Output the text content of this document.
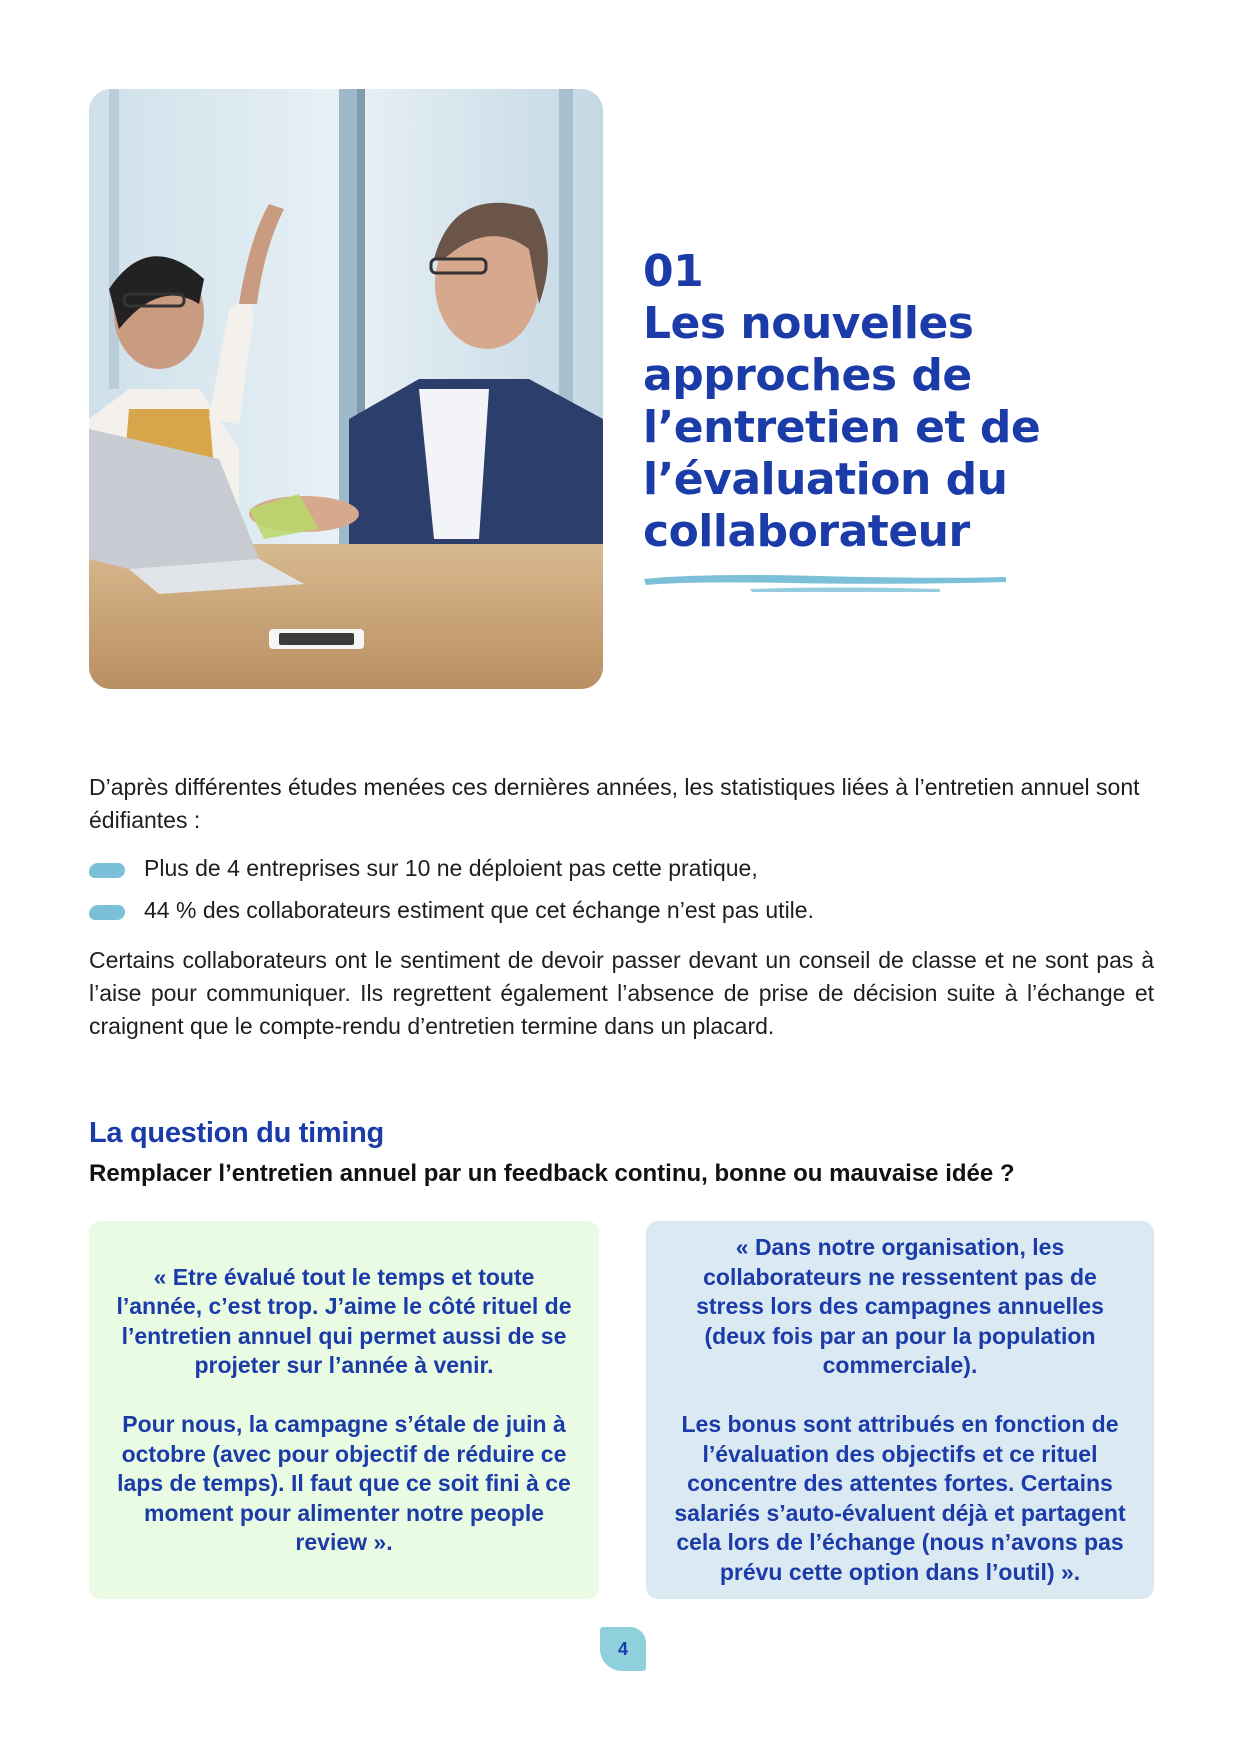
01
Les nouvelles
approches de
l’entretien et de
l’évaluation du
collaborateur

D’après différentes études menées ces dernières années, les statistiques liées à l’entretien annuel sont édifiantes :

Plus de 4 entreprises sur 10 ne déploient pas cette pratique,
44 % des collaborateurs estiment que cet échange n’est pas utile.

Certains collaborateurs ont le sentiment de devoir passer devant un conseil de classe et ne sont pas à l’aise pour communiquer. Ils regrettent également l’absence de prise de décision suite à l’échange et craignent que le compte-rendu d’entretien termine dans un placard.

La question du timing

Remplacer l’entretien annuel par un feedback continu, bonne ou mauvaise idée ?

« Etre évalué tout le temps et toute l’année, c’est trop. J’aime le côté rituel de l’entretien annuel qui permet aussi de se projeter sur l’année à venir.

Pour nous, la campagne s’étale de juin à octobre (avec pour objectif de réduire ce laps de temps). Il faut que ce soit fini à ce moment pour alimenter notre people review ».

« Dans notre organisation, les collaborateurs ne ressentent pas de stress lors des campagnes annuelles (deux fois par an pour la population commerciale).

Les bonus sont attribués en fonction de l’évaluation des objectifs et ce rituel concentre des attentes fortes. Certains salariés s’auto-évaluent déjà et partagent cela lors de l’échange (nous n’avons pas prévu cette option dans l’outil) ».

4
